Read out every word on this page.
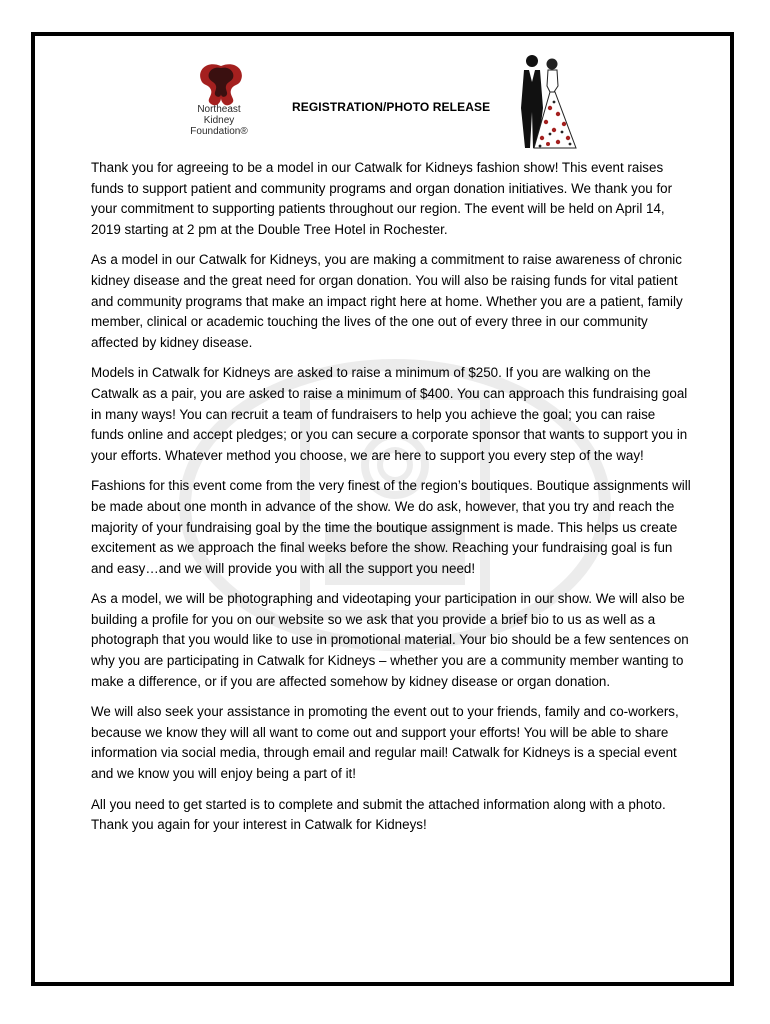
Northeast
Kidney
Foundation®
REGISTRATION/PHOTO RELEASE

Thank you for agreeing to be a model in our Catwalk for Kidneys fashion show! This event raises funds to support patient and community programs and organ donation initiatives. We thank you for your commitment to supporting patients throughout our region. The event will be held on April 14, 2019 starting at 2 pm at the Double Tree Hotel in Rochester.

As a model in our Catwalk for Kidneys, you are making a commitment to raise awareness of chronic kidney disease and the great need for organ donation. You will also be raising funds for vital patient and community programs that make an impact right here at home. Whether you are a patient, family member, clinical or academic touching the lives of the one out of every three in our community affected by kidney disease.

Models in Catwalk for Kidneys are asked to raise a minimum of $250. If you are walking on the Catwalk as a pair, you are asked to raise a minimum of $400. You can approach this fundraising goal in many ways! You can recruit a team of fundraisers to help you achieve the goal; you can raise funds online and accept pledges; or you can secure a corporate sponsor that wants to support you in your efforts. Whatever method you choose, we are here to support you every step of the way!

Fashions for this event come from the very finest of the region’s boutiques. Boutique assignments will be made about one month in advance of the show. We do ask, however, that you try and reach the majority of your fundraising goal by the time the boutique assignment is made. This helps us create excitement as we approach the final weeks before the show. Reaching your fundraising goal is fun and easy…and we will provide you with all the support you need!

As a model, we will be photographing and videotaping your participation in our show. We will also be building a profile for you on our website so we ask that you provide a brief bio to us as well as a photograph that you would like to use in promotional material. Your bio should be a few sentences on why you are participating in Catwalk for Kidneys – whether you are a community member wanting to make a difference, or if you are affected somehow by kidney disease or organ donation.

We will also seek your assistance in promoting the event out to your friends, family and co-workers, because we know they will all want to come out and support your efforts! You will be able to share information via social media, through email and regular mail! Catwalk for Kidneys is a special event and we know you will enjoy being a part of it!

All you need to get started is to complete and submit the attached information along with a photo. Thank you again for your interest in Catwalk for Kidneys!
